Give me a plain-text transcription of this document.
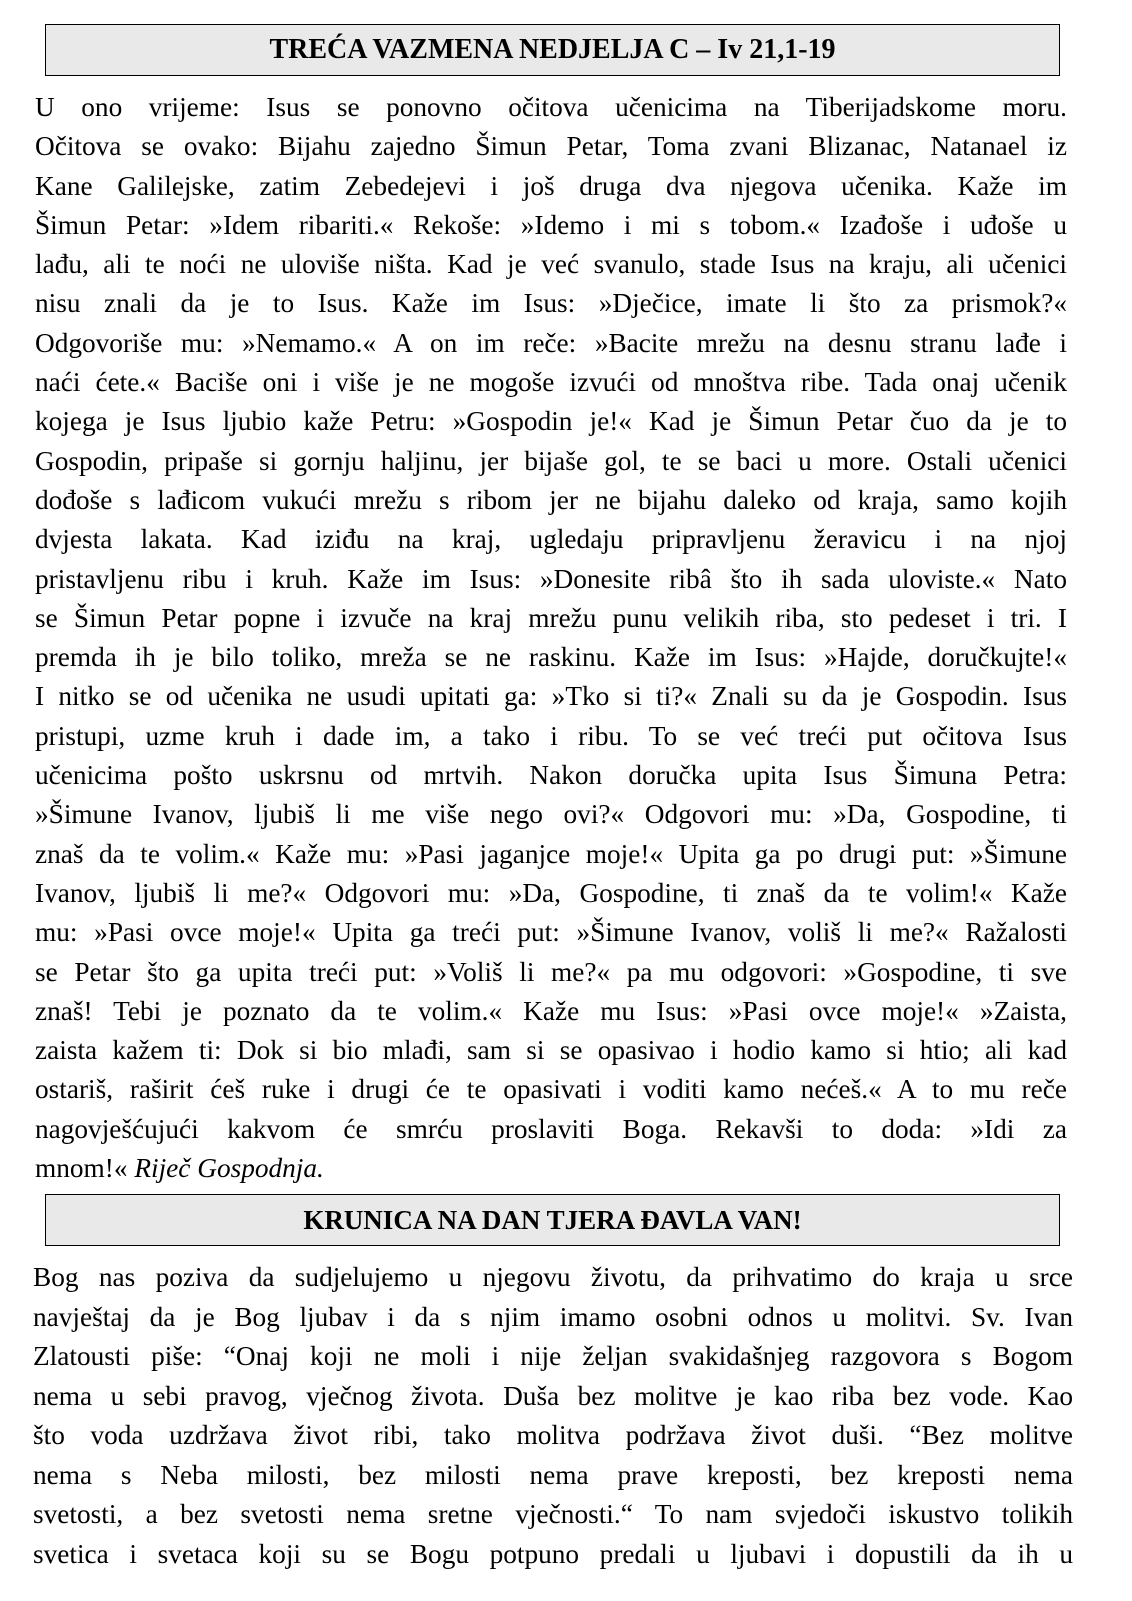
TREĆA VAZMENA NEDJELJA C – Iv 21,1-19
U ono vrijeme: Isus se ponovno očitova učenicima na Tiberijadskome moru.
Očitova se ovako: Bijahu zajedno Šimun Petar, Toma zvani Blizanac, Natanael iz
Kane Galilejske, zatim Zebedejevi i još druga dva njegova učenika. Kaže im
Šimun Petar: »Idem ribariti.« Rekoše: »Idemo i mi s tobom.« Izađoše i uđoše u
lađu, ali te noći ne uloviše ništa. Kad je već svanulo, stade Isus na kraju, ali učenici
nisu znali da je to Isus. Kaže im Isus: »Dječice, imate li što za prismok?«
Odgovoriše mu: »Nemamo.« A on im reče: »Bacite mrežu na desnu stranu lađe i
naći ćete.« Baciše oni i više je ne mogoše izvući od mnoštva ribe. Tada onaj učenik
kojega je Isus ljubio kaže Petru: »Gospodin je!« Kad je Šimun Petar čuo da je to
Gospodin, pripaše si gornju haljinu, jer bijaše gol, te se baci u more. Ostali učenici
dođoše s lađicom vukući mrežu s ribom jer ne bijahu daleko od kraja, samo kojih
dvjesta lakata. Kad iziđu na kraj, ugledaju pripravljenu žeravicu i na njoj
pristavljenu ribu i kruh. Kaže im Isus: »Donesite ribâ što ih sada uloviste.« Nato
se Šimun Petar popne i izvuče na kraj mrežu punu velikih riba, sto pedeset i tri. I
premda ih je bilo toliko, mreža se ne raskinu. Kaže im Isus: »Hajde, doručkujte!«
I nitko se od učenika ne usudi upitati ga: »Tko si ti?« Znali su da je Gospodin. Isus
pristupi, uzme kruh i dade im, a tako i ribu. To se već treći put očitova Isus
učenicima pošto uskrsnu od mrtvih. Nakon doručka upita Isus Šimuna Petra:
»Šimune Ivanov, ljubiš li me više nego ovi?« Odgovori mu: »Da, Gospodine, ti
znaš da te volim.« Kaže mu: »Pasi jaganjce moje!« Upita ga po drugi put: »Šimune
Ivanov, ljubiš li me?« Odgovori mu: »Da, Gospodine, ti znaš da te volim!« Kaže
mu: »Pasi ovce moje!« Upita ga treći put: »Šimune Ivanov, voliš li me?« Ražalosti
se Petar što ga upita treći put: »Voliš li me?« pa mu odgovori: »Gospodine, ti sve
znaš! Tebi je poznato da te volim.« Kaže mu Isus: »Pasi ovce moje!« »Zaista,
zaista kažem ti: Dok si bio mlađi, sam si se opasivao i hodio kamo si htio; ali kad
ostariš, raširit ćeš ruke i drugi će te opasivati i voditi kamo nećeš.« A to mu reče
nagovješćujući kakvom će smrću proslaviti Boga. Rekavši to doda: »Idi za
mnom!« Riječ Gospodnja.
KRUNICA NA DAN TJERA ĐAVLA VAN!
Bog nas poziva da sudjelujemo u njegovu životu, da prihvatimo do kraja u srce
navještaj da je Bog ljubav i da s njim imamo osobni odnos u molitvi. Sv. Ivan
Zlatousti piše: “Onaj koji ne moli i nije željan svakidašnjeg razgovora s Bogom
nema u sebi pravog, vječnog života. Duša bez molitve je kao riba bez vode. Kao
što voda uzdržava život ribi, tako molitva podržava život duši. “Bez molitve
nema s Neba milosti, bez milosti nema prave kreposti, bez kreposti nema
svetosti, a bez svetosti nema sretne vječnosti.“ To nam svjedoči iskustvo tolikih
svetica i svetaca koji su se Bogu potpuno predali u ljubavi i dopustili da ih u
